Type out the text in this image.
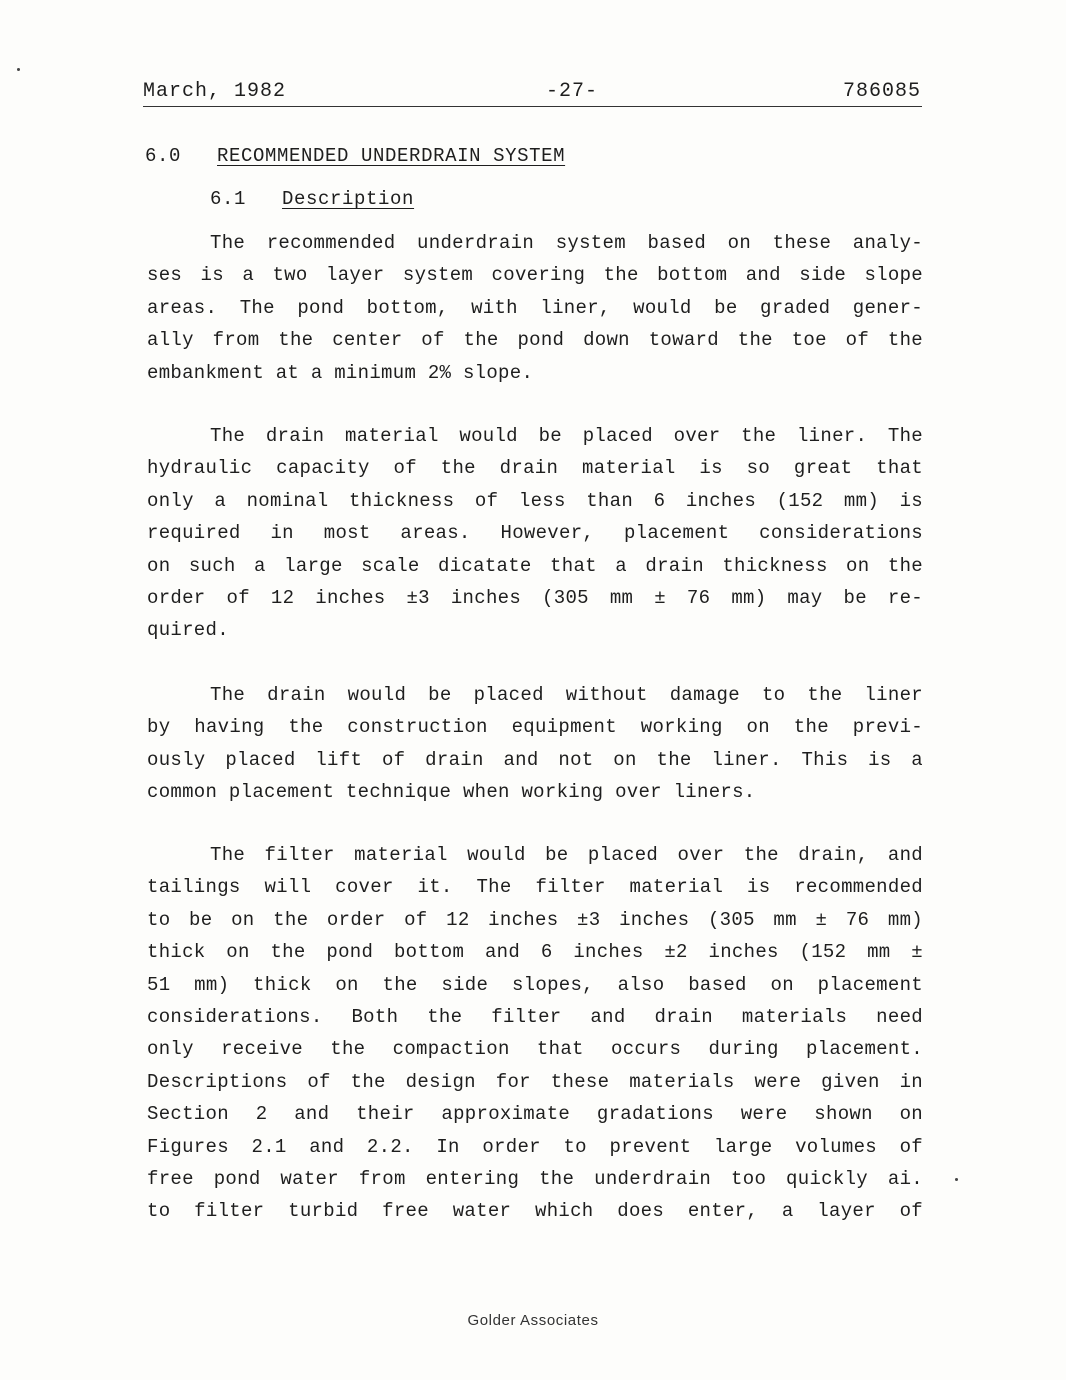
March, 1982	-27-	786085
6.0 RECOMMENDED UNDERDRAIN SYSTEM
6.1 Description
The recommended underdrain system based on these analy-
ses is a two layer system covering the bottom and side slope
areas. The pond bottom, with liner, would be graded gener-
ally from the center of the pond down toward the toe of the
embankment at a minimum 2% slope.
The drain material would be placed over the liner. The
hydraulic capacity of the drain material is so great that
only a nominal thickness of less than 6 inches (152 mm) is
required in most areas. However, placement considerations
on such a large scale dicatate that a drain thickness on the
order of 12 inches ±3 inches (305 mm ± 76 mm) may be re-
quired.
The drain would be placed without damage to the liner
by having the construction equipment working on the previ-
ously placed lift of drain and not on the liner. This is a
common placement technique when working over liners.
The filter material would be placed over the drain, and
tailings will cover it. The filter material is recommended
to be on the order of 12 inches ±3 inches (305 mm ± 76 mm)
thick on the pond bottom and 6 inches ±2 inches (152 mm ±
51 mm) thick on the side slopes, also based on placement
considerations. Both the filter and drain materials need
only receive the compaction that occurs during placement.
Descriptions of the design for these materials were given in
Section 2 and their approximate gradations were shown on
Figures 2.1 and 2.2. In order to prevent large volumes of
free pond water from entering the underdrain too quickly ai.
to filter turbid free water which does enter, a layer of
Golder Associates
